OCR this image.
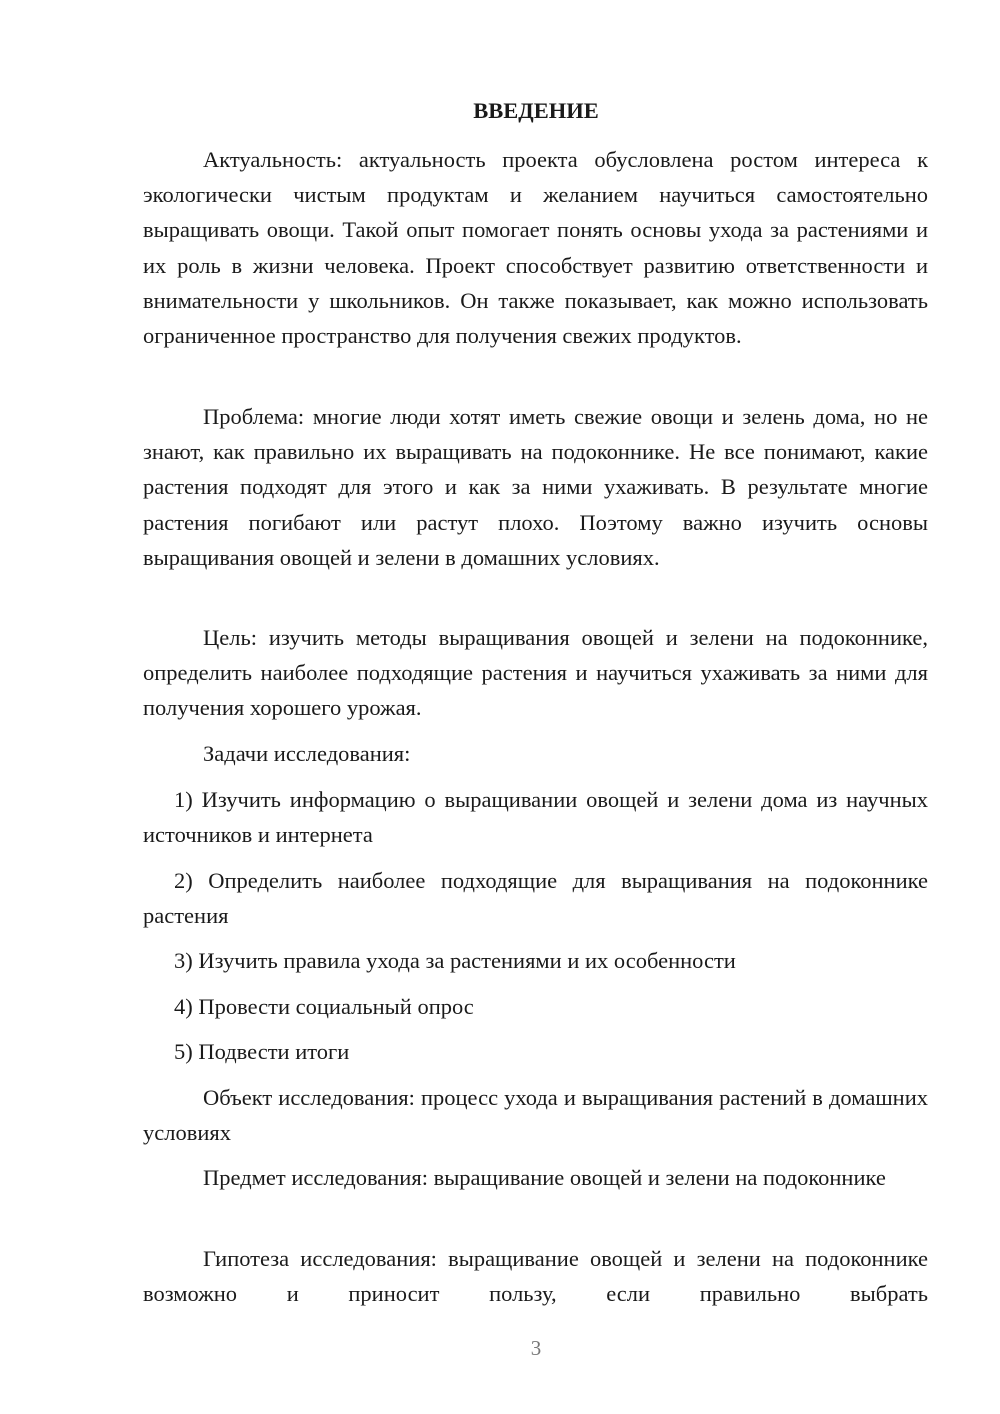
ВВЕДЕНИЕ

Актуальность: актуальность проекта обусловлена ростом интереса к экологически чистым продуктам и желанием научиться самостоятельно выращивать овощи. Такой опыт помогает понять основы ухода за растениями и их роль в жизни человека. Проект способствует развитию ответственности и внимательности у школьников. Он также показывает, как можно использовать ограниченное пространство для получения свежих продуктов.

Проблема: многие люди хотят иметь свежие овощи и зелень дома, но не знают, как правильно их выращивать на подоконнике. Не все понимают, какие растения подходят для этого и как за ними ухаживать. В результате многие растения погибают или растут плохо. Поэтому важно изучить основы выращивания овощей и зелени в домашних условиях.

Цель: изучить методы выращивания овощей и зелени на подоконнике, определить наиболее подходящие растения и научиться ухаживать за ними для получения хорошего урожая.

Задачи исследования:

1) Изучить информацию о выращивании овощей и зелени дома из научных источников и интернета

2) Определить наиболее подходящие для выращивания на подоконнике растения

3) Изучить правила ухода за растениями и их особенности

4) Провести социальный опрос

5) Подвести итоги

Объект исследования: процесс ухода и выращивания растений в домашних условиях

Предмет исследования: выращивание овощей и зелени на подоконнике

Гипотеза исследования: выращивание овощей и зелени на подоконнике возможно и приносит пользу, если правильно выбрать

3
